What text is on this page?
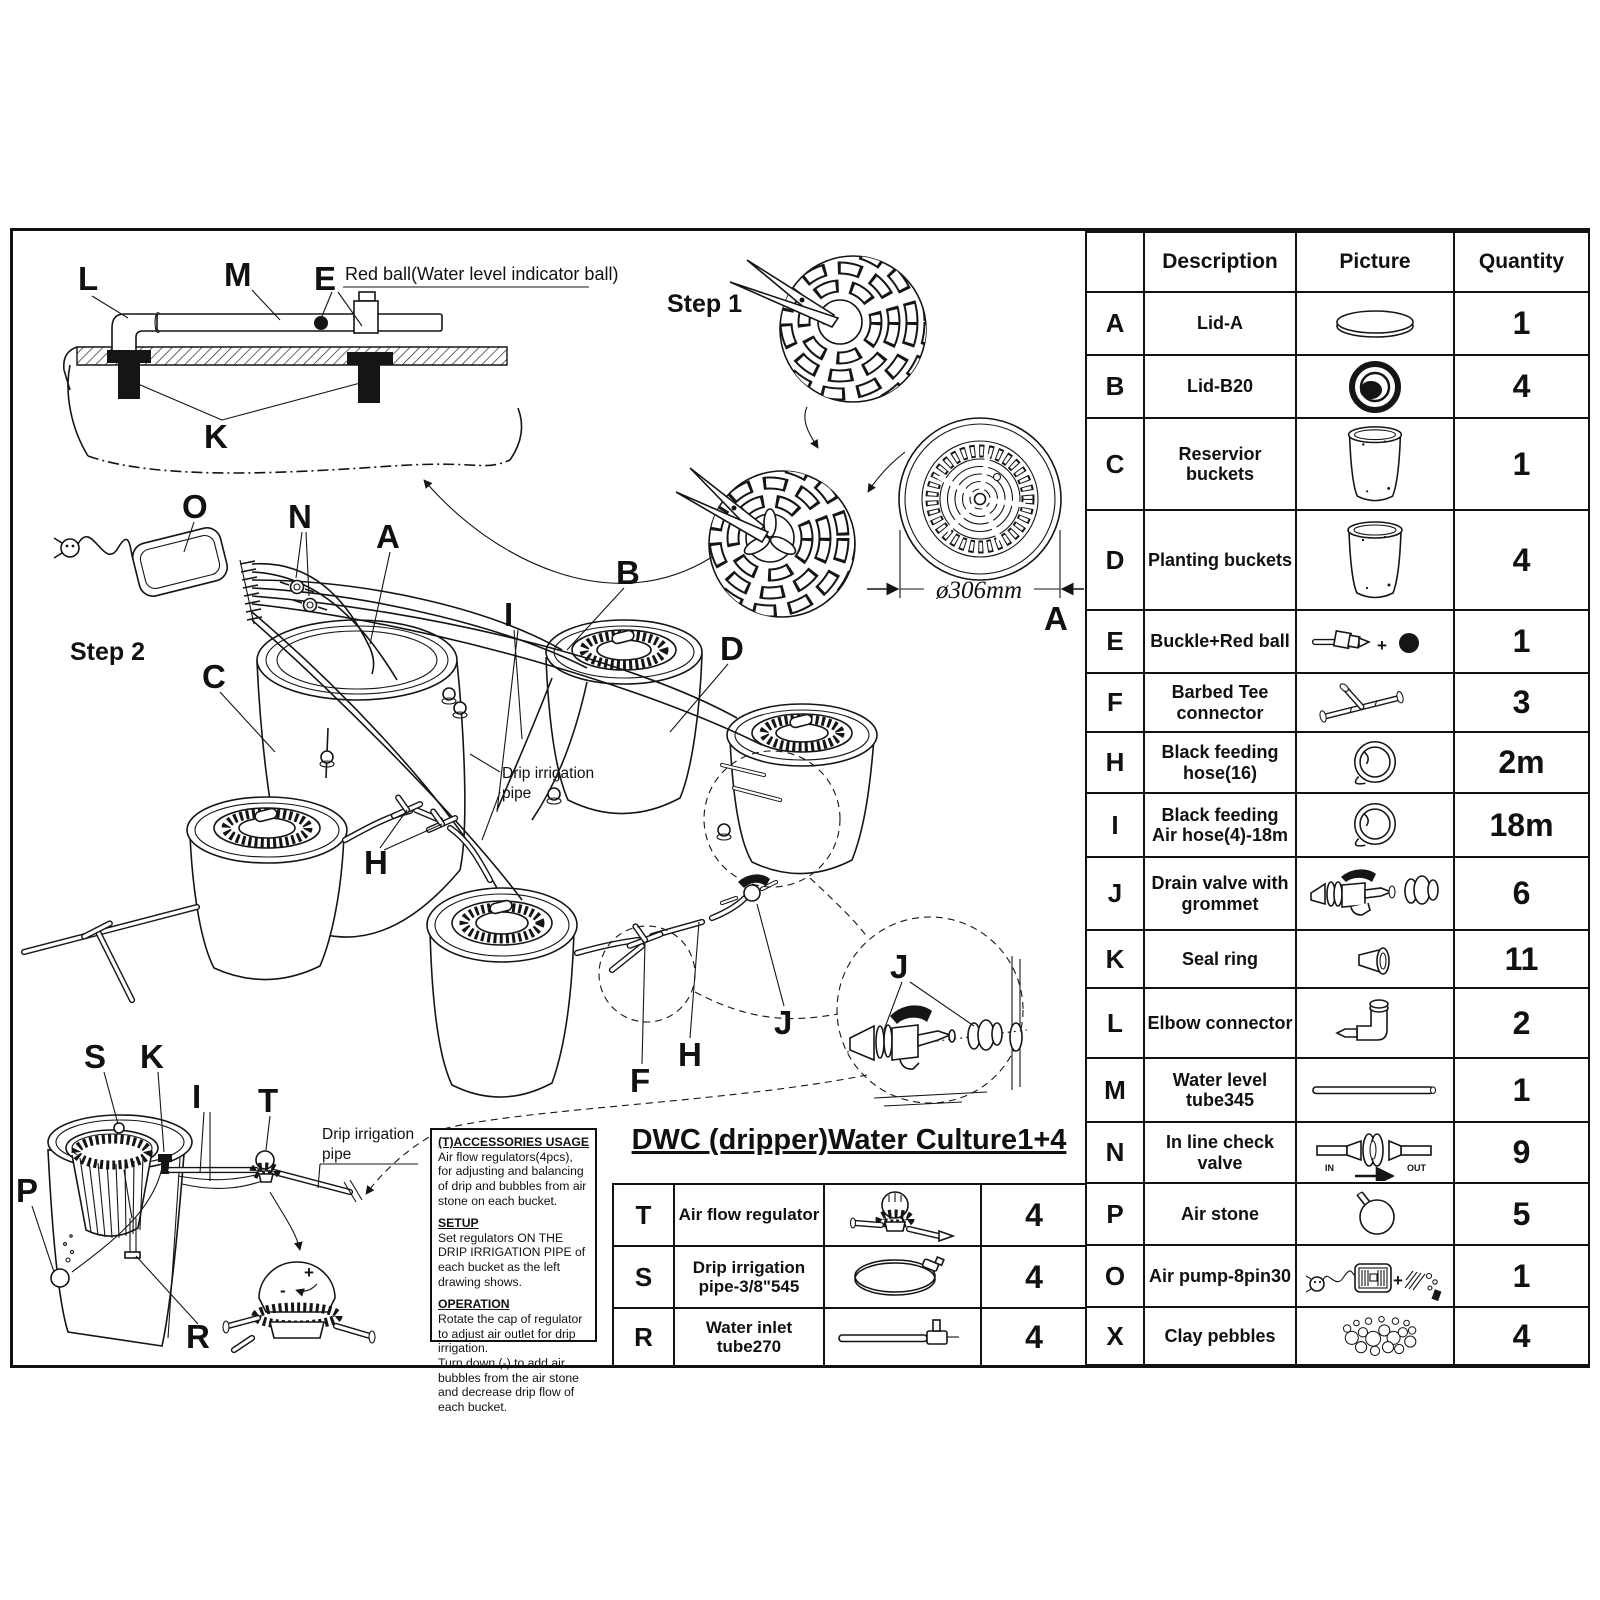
L	M E Red ball(Water level indicator ball)
K
Step 1
ø306mm
A
Step 2
O N
A
C
B
D
I
H
F
H
J
Drip irrigation
pipe
J
S K
I T
P
R
Drip irrigation
pipe
+
-
(T)ACCESSORIES USAGE
Air flow regulators(4pcs), for adjusting and balancing of drip and bubbles from air stone on each bucket.
SETUP
Set regulators ON THE DRIP IRRIGATION PIPE of each bucket as the left drawing shows.
OPERATION
Rotate the cap of regulator to adjust air outlet for drip irrigation.
Turn down (-) to add air bubbles from the air stone and decrease drip flow of each bucket.
DWC (dripper)Water Culture1+4
T	Air flow regulator		4
S	Drip irrigation pipe-3/8"545		4
R	Water inlet tube270		4
	Description	Picture	Quantity
A	Lid-A		1
B	Lid-B20		4
C	Reservior buckets		1
D	Planting buckets		4
E	Buckle+Red ball	+	1
F	Barbed Tee connector		3
H	Black feeding hose(16)		2m
I	Black feeding Air hose(4)-18m		18m
J	Drain valve with grommet		6
K	Seal ring		11
L	Elbow connector		2
M	Water level tube345		1
N	In line check valve	IN OUT	9
P	Air stone		5
O	Air pump-8pin30	+	1
X	Clay pebbles		4
